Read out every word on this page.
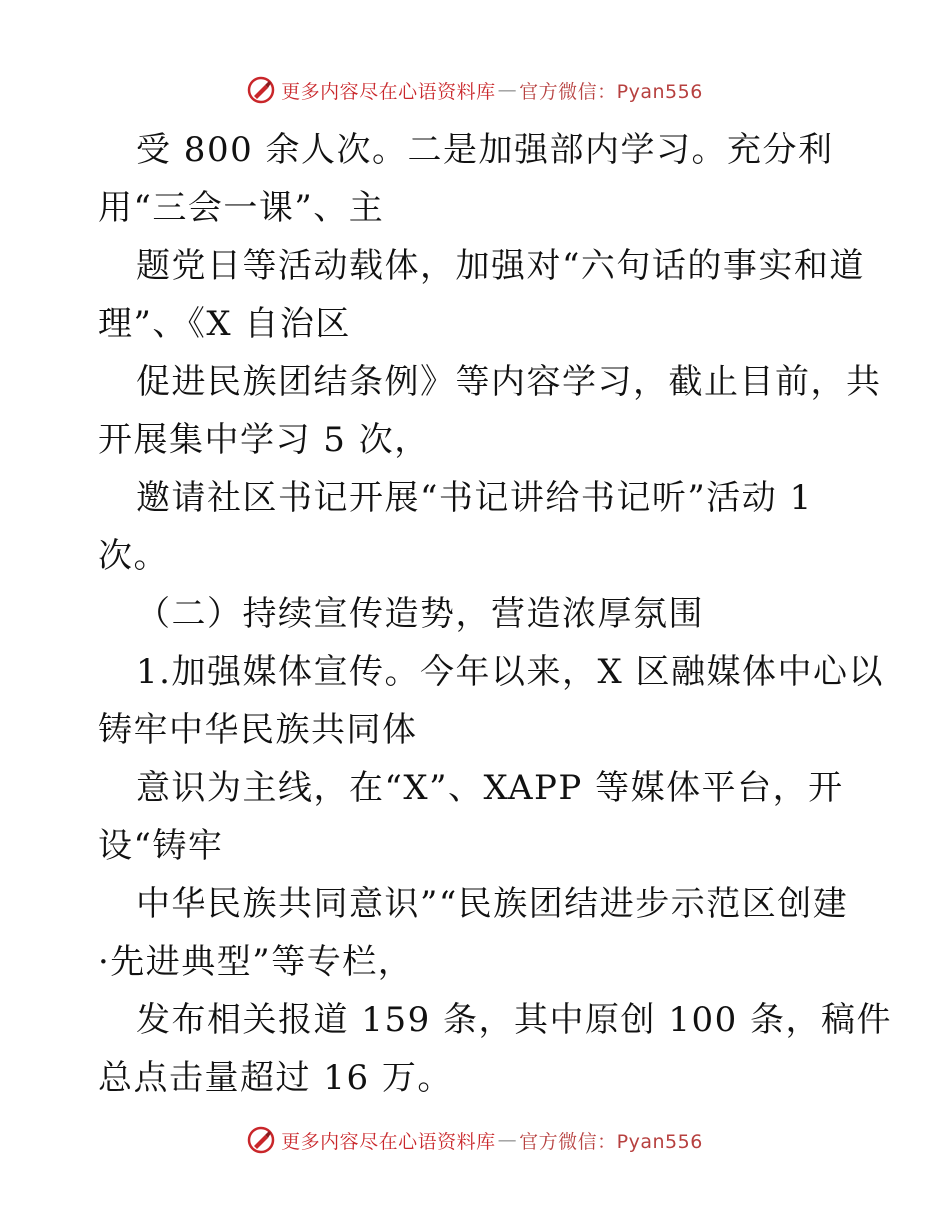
更多内容尽在心语资料库 — 官方微信：Pyan556
受 800 余人次。二是加强部内学习。充分利
用“三会一课”、主
题党日等活动载体，加强对“六句话的事实和道
理”、《X 自治区
促进民族团结条例》等内容学习，截止目前，共
开展集中学习 5 次，
邀请社区书记开展“书记讲给书记听”活动 1
次。
（二）持续宣传造势，营造浓厚氛围
1.加强媒体宣传。今年以来，X 区融媒体中心以
铸牢中华民族共同体
意识为主线，在“X”、XAPP 等媒体平台，开
设“铸牢
中华民族共同意识”“民族团结进步示范区创建
·先进典型”等专栏，
发布相关报道 159 条，其中原创 100 条，稿件
总点击量超过 16 万。
更多内容尽在心语资料库 — 官方微信：Pyan556
